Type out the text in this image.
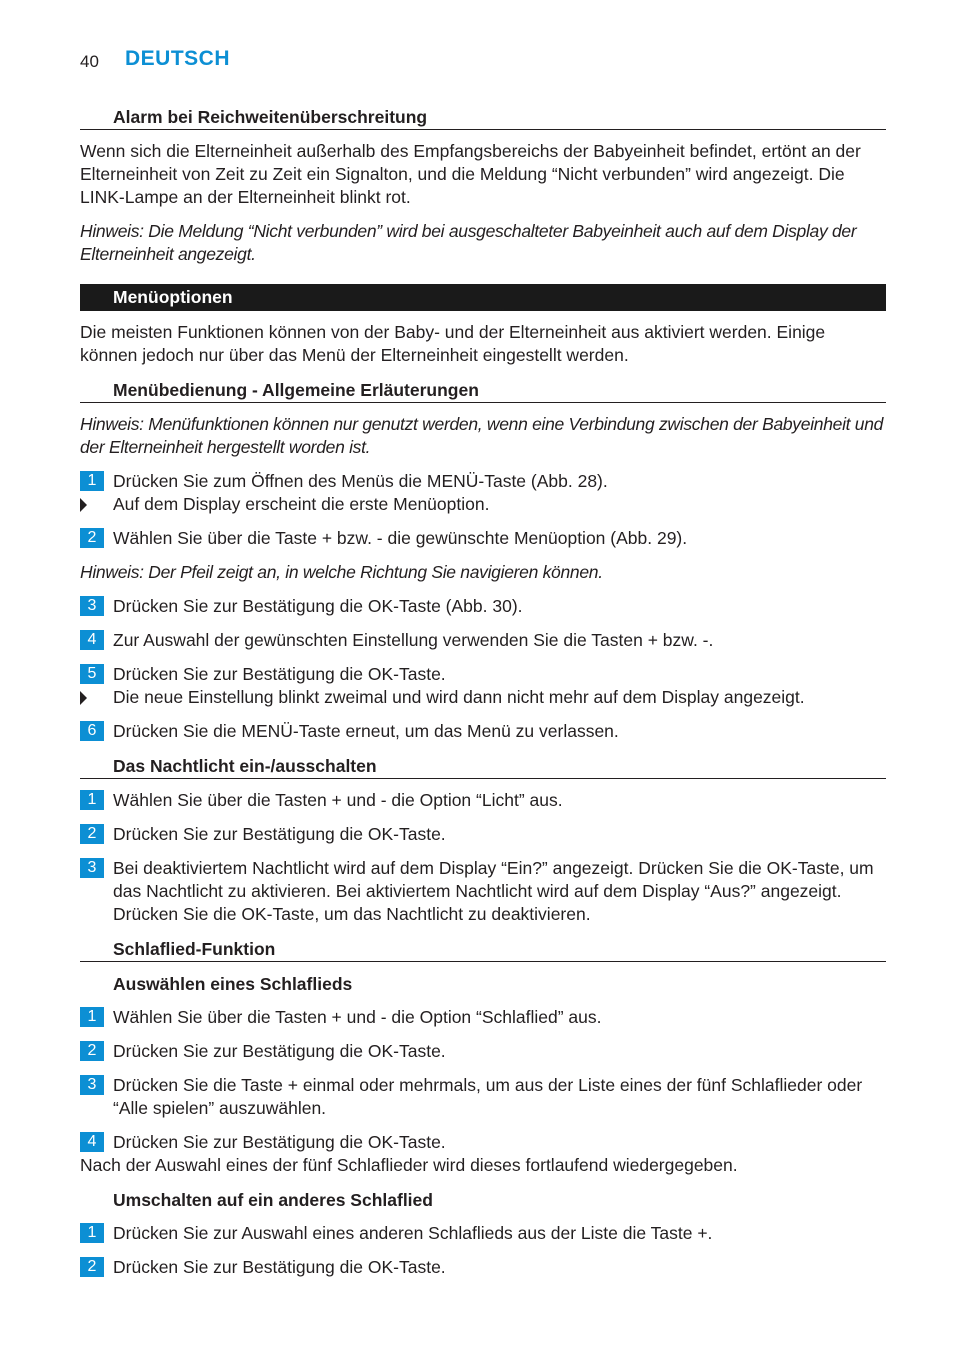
40 DEUTSCH
Alarm bei Reichweitenüberschreitung

Wenn sich die Elterneinheit außerhalb des Empfangsbereichs der Babyeinheit befindet, ertönt an der Elterneinheit von Zeit zu Zeit ein Signalton, und die Meldung “Nicht verbunden” wird angezeigt. Die LINK-Lampe an der Elterneinheit blinkt rot.

Hinweis: Die Meldung “Nicht verbunden” wird bei ausgeschalteter Babyeinheit auch auf dem Display der Elterneinheit angezeigt.

Menüoptionen

Die meisten Funktionen können von der Baby- und der Elterneinheit aus aktiviert werden. Einige können jedoch nur über das Menü der Elterneinheit eingestellt werden.

Menübedienung - Allgemeine Erläuterungen

Hinweis: Menüfunktionen können nur genutzt werden, wenn eine Verbindung zwischen der Babyeinheit und der Elterneinheit hergestellt worden ist.

1 Drücken Sie zum Öffnen des Menüs die MENÜ-Taste (Abb. 28).
Auf dem Display erscheint die erste Menüoption.
2 Wählen Sie über die Taste + bzw. - die gewünschte Menüoption (Abb. 29).

Hinweis: Der Pfeil zeigt an, in welche Richtung Sie navigieren können.

3 Drücken Sie zur Bestätigung die OK-Taste (Abb. 30).
4 Zur Auswahl der gewünschten Einstellung verwenden Sie die Tasten + bzw. -.
5 Drücken Sie zur Bestätigung die OK-Taste.
Die neue Einstellung blinkt zweimal und wird dann nicht mehr auf dem Display angezeigt.
6 Drücken Sie die MENÜ-Taste erneut, um das Menü zu verlassen.
Das Nachtlicht ein-/ausschalten
1 Wählen Sie über die Tasten + und - die Option “Licht” aus.
2 Drücken Sie zur Bestätigung die OK-Taste.
3 Bei deaktiviertem Nachtlicht wird auf dem Display “Ein?” angezeigt. Drücken Sie die OK-Taste, um das Nachtlicht zu aktivieren. Bei aktiviertem Nachtlicht wird auf dem Display “Aus?” angezeigt. Drücken Sie die OK-Taste, um das Nachtlicht zu deaktivieren.
Schlaflied-Funktion
Auswählen eines Schlaflieds
1 Wählen Sie über die Tasten + und - die Option “Schlaflied” aus.
2 Drücken Sie zur Bestätigung die OK-Taste.
3 Drücken Sie die Taste + einmal oder mehrmals, um aus der Liste eines der fünf Schlaflieder oder “Alle spielen” auszuwählen.
4 Drücken Sie zur Bestätigung die OK-Taste.

Nach der Auswahl eines der fünf Schlaflieder wird dieses fortlaufend wiedergegeben.

Umschalten auf ein anderes Schlaflied
1 Drücken Sie zur Auswahl eines anderen Schlaflieds aus der Liste die Taste +.
2 Drücken Sie zur Bestätigung die OK-Taste.
